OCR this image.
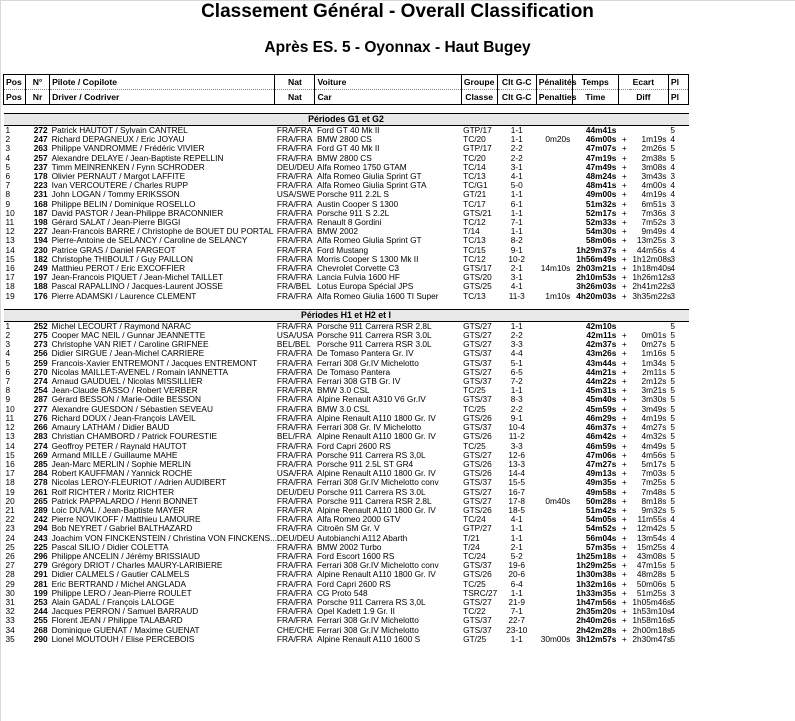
Classement Général - Overall Classification
Après ES. 5 - Oyonnax - Haut Bugey
Pos	N°	Pilote / Copilote	Nat	Voiture	Groupe	Clt G-C	Pénalités	Temps	Ecart		Pl
Pos	Nr	Driver / Codriver	Nat	Car	Classe	Clt G-C	Penalties	Time	Diff		Pl

Périodes G1 et G2											
1	272	Patrick HAUTOT / Sylvain CANTREL	FRA/FRA	Ford GT 40 Mk II	GTP/17	1-1		44m41s			5
2	247	Richard DEPAGNEUX / Eric JOYAU	FRA/FRA	BMW 2800 CS	TC/20	1-1	0m20s	46m00s	+	1m19s	4
3	263	Philippe VANDROMME / Frédéric VIVIER	FRA/FRA	Ford GT 40 Mk II	GTP/17	2-2		47m07s	+	2m26s	5
4	257	Alexandre DELAYE / Jean-Baptiste REPELLIN	FRA/FRA	BMW 2800 CS	TC/20	2-2		47m19s	+	2m38s	5
5	237	Timm MEINRENKEN / Fynn SCHRODER	DEU/DEU	Alfa Romeo 1750 GTAM	TC/14	3-1		47m49s	+	3m08s	4
6	178	Olivier PERNAUT / Margot LAFFITE	FRA/FRA	Alfa Romeo Giulia Sprint GT	TC/13	4-1		48m24s	+	3m43s	3
7	223	Ivan VERCOUTERE / Charles RUPP	FRA/FRA	Alfa Romeo Giulia Sprint GTA	TC/G1	5-0		48m41s	+	4m00s	4
8	231	John LOGAN / Tommy ERIKSSON	USA/SWE	Porsche 911 2.2L S	GT/21	1-1		49m00s	+	4m19s	4
9	168	Philippe BELIN / Dominique ROSELLO	FRA/FRA	Austin Cooper S 1300	TC/17	6-1		51m32s	+	6m51s	3
10	187	David PASTOR / Jean-Philippe BRACONNIER	FRA/FRA	Porsche 911 S 2.2L	GTS/21	1-1		52m17s	+	7m36s	3
11	198	Gérard SALAT / Jean-Pierre BIGGI	FRA/FRA	Renault 8 Gordini	TC/12	7-1		52m33s	+	7m52s	3
12	227	Jean-Francois BARRE / Christophe de BOUET DU PORTAL	FRA/FRA	BMW 2002	T/14	1-1		54m30s	+	9m49s	4
13	194	Pierre-Antoine de SELANCY / Caroline de SELANCY	FRA/FRA	Alfa Romeo Giulia Sprint GT	TC/13	8-2		58m06s	+	13m25s	3
14	230	Patrice GRAS / Daniel FARGEOT	FRA/FRA	Ford Mustang	TC/15	9-1		1h29m37s	+	44m56s	4
15	182	Christophe THIBOULT / Guy PAILLON	FRA/FRA	Morris Cooper S 1300 Mk II	TC/12	10-2		1h56m49s	+	1h12m08s	3
16	249	Matthieu PEROT / Eric EXCOFFIER	FRA/FRA	Chevrolet Corvette C3	GTS/17	2-1	14m10s	2h03m21s	+	1h18m40s	4
17	197	Jean-Francois PIQUET / Jean-Michel TAILLET	FRA/FRA	Lancia Fulvia 1600 HF	GTS/20	3-1		2h10m53s	+	1h26m12s	3
18	188	Pascal RAPALLINO / Jacques-Laurent JOSSE	FRA/BEL	Lotus Europa Spécial JPS	GTS/25	4-1		3h26m03s	+	2h41m22s	3
19	176	Pierre ADAMSKI / Laurence CLEMENT	FRA/FRA	Alfa Romeo Giulia 1600 TI Super	TC/13	11-3	1m10s	4h20m03s	+	3h35m22s	3

Périodes H1 et H2 et I											
1	252	Michel LECOURT / Raymond NARAC	FRA/FRA	Porsche 911 Carrera RSR 2.8L	GTS/27	1-1		42m10s			5
2	275	Cooper MAC NEIL / Gunnar JEANNETTE	USA/USA	Porsche 911 Carrera RSR 3.0L	GTS/27	2-2		42m11s	+	0m01s	5
3	273	Christophe VAN RIET / Caroline GRIFNEE	BEL/BEL	Porsche 911 Carrera RSR 3.0L	GTS/27	3-3		42m37s	+	0m27s	5
4	256	Didier SIRGUE / Jean-Michel CARRIERE	FRA/FRA	De Tomaso Pantera Gr. IV	GTS/37	4-4		43m26s	+	1m16s	5
5	259	Francois-Xavier ENTREMONT / Jacques ENTREMONT	FRA/FRA	Ferrari 308 Gr.IV Michelotto	GTS/37	5-1		43m44s	+	1m34s	5
6	270	Nicolas MAILLET-AVENEL / Romain IANNETTA	FRA/FRA	De Tomaso Pantera	GTS/27	6-5		44m21s	+	2m11s	5
7	274	Arnaud GAUDUEL / Nicolas MISSILLIER	FRA/FRA	Ferrari 308 GTB Gr. IV	GTS/37	7-2		44m22s	+	2m12s	5
8	254	Jean-Claude BASSO / Robert VERBER	FRA/FRA	BMW 3.0 CSL	TC/25	1-1		45m31s	+	3m21s	5
9	287	Gérard BESSON / Marie-Odile BESSON	FRA/FRA	Alpine Renault A310 V6 Gr.IV	GTS/37	8-3		45m40s	+	3m30s	5
10	277	Alexandre GUESDON / Sébastien SEVEAU	FRA/FRA	BMW 3.0 CSL	TC/25	2-2		45m59s	+	3m49s	5
11	276	Richard DOUX / Jean-François LAVEIL	FRA/FRA	Alpine Renault A110 1800 Gr. IV	GTS/26	9-1		46m29s	+	4m19s	5
12	266	Amaury LATHAM / Didier BAUD	FRA/FRA	Ferrari 308 Gr. IV Michelotto	GTS/37	10-4		46m37s	+	4m27s	5
13	283	Christian CHAMBORD / Patrick FOURESTIE	BEL/FRA	Alpine Renault A110 1800 Gr. IV	GTS/26	11-2		46m42s	+	4m32s	5
14	274	Geoffroy PETER / Raynald HAUTOT	FRA/FRA	Ford Capri 2600 RS	TC/25	3-3		46m59s	+	4m49s	5
15	269	Armand MILLE / Guillaume MAHE	FRA/FRA	Porsche 911 Carrera RS 3,0L	GTS/27	12-6		47m06s	+	4m56s	5
16	285	Jean-Marc MERLIN / Sophie MERLIN	FRA/FRA	Porsche 911 2.5L ST GR4	GTS/26	13-3		47m27s	+	5m17s	5
17	284	Robert KAUFFMAN / Yannick ROCHE	USA/FRA	Alpine Renault A110 1800 Gr. IV	GTS/26	14-4		49m13s	+	7m03s	5
18	278	Nicolas LEROY-FLEURIOT / Adrien AUDIBERT	FRA/FRA	Ferrari 308 Gr.IV Michelotto conv	GTS/37	15-5		49m35s	+	7m25s	5
19	261	Rolf RICHTER / Moritz RICHTER	DEU/DEU	Porsche 911 Carrera RS 3.0L	GTS/27	16-7		49m58s	+	7m48s	5
20	265	Patrick PAPPALARDO / Henri BONNET	FRA/FRA	Porsche 911 Carrera RSR 2.8L	GTS/27	17-8	0m40s	50m28s	+	8m18s	5
21	289	Loic DUVAL / Jean-Baptiste MAYER	FRA/FRA	Alpine Renault A110 1800 Gr. IV	GTS/26	18-5		51m42s	+	9m32s	5
22	242	Pierre NOVIKOFF / Matthieu LAMOURE	FRA/FRA	Alfa Romeo 2000 GTV	TC/24	4-1		54m05s	+	11m55s	4
23	294	Bob NEYRET / Gabriel BALTHAZARD	FRA/FRA	Citroën SM Gr. V	GTP/27	1-1		54m52s	+	12m42s	5
24	243	Joachim VON FINCKENSTEIN / Christina VON FINCKENS...	DEU/DEU	Autobianchi A112 Abarth	T/21	1-1		56m04s	+	13m54s	4
25	225	Pascal SILIO / Didier COLETTA	FRA/FRA	BMW 2002 Turbo	T/24	2-1		57m35s	+	15m25s	4
26	296	Philippe ANCELIN / Jérémy BRISSIAUD	FRA/FRA	Ford Escort 1600 RS	TC/24	5-2		1h25m18s	+	43m08s	5
27	279	Grégory DRIOT / Charles MAURY-LARIBIERE	FRA/FRA	Ferrari 308 Gr.IV Michelotto conv	GTS/37	19-6		1h29m25s	+	47m15s	5
28	291	Didier CALMELS / Gautier CALMELS	FRA/FRA	Alpine Renault A110 1800 Gr. IV	GTS/26	20-6		1h30m38s	+	48m28s	5
29	281	Eric BERTRAND / Michel ANGLADA	FRA/FRA	Ford Capri 2600 RS	TC/25	6-4		1h32m16s	+	50m06s	5
30	199	Philippe LERO / Jean-Pierre ROULET	FRA/FRA	CG Proto 548	TSRC/27	1-1		1h33m35s	+	51m25s	3
31	253	Alain GADAL / François LALOGE	FRA/FRA	Porsche 911 Carrera RS 3,0L	GTS/27	21-9		1h47m56s	+	1h05m46s	5
32	244	Jacques PERRON / Samuel BARRAUD	FRA/FRA	Opel Kadett 1.9 Gr. II	TC/22	7-1		2h35m20s	+	1h53m10s	4
33	255	Florent JEAN / Philippe TALABARD	FRA/FRA	Ferrari 308 Gr.IV Michelotto	GTS/37	22-7		2h40m26s	+	1h58m16s	5
34	268	Dominique GUENAT / Maxime GUENAT	CHE/CHE	Ferrari 308 Gr.IV Michelotto	GTS/37	23-10		2h42m28s	+	2h00m18s	5
35	290	Lionel MOUTOUH / Elise PERCEBOIS	FRA/FRA	Alpine Renault A110 1600 S	GT/25	1-1	30m00s	3h12m57s	+	2h30m47s	5
